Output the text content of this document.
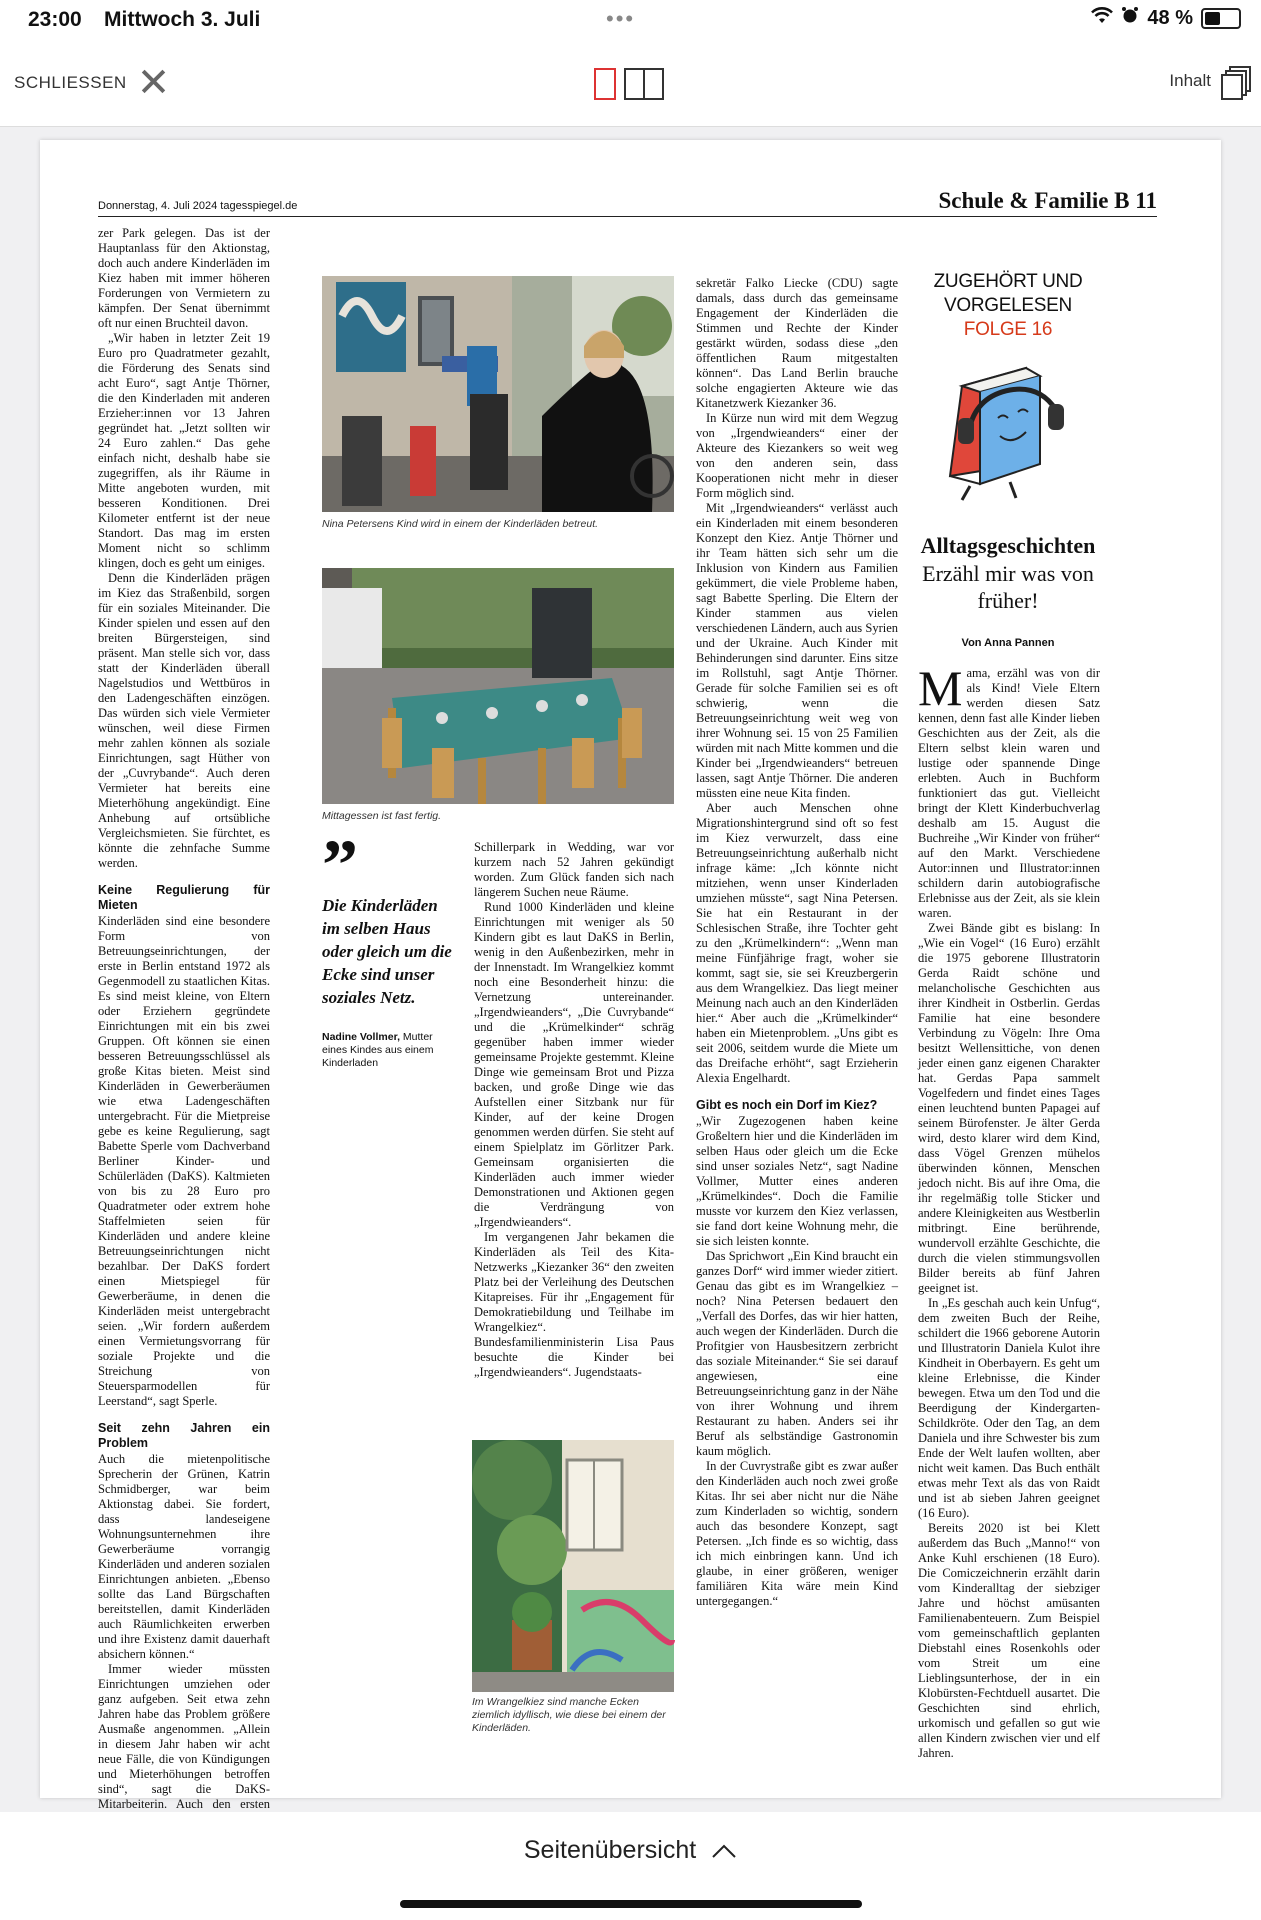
23:00 Mittwoch 3. Juli	•••	48 %
SCHLIESSEN ✕	Inhalt
Donnerstag, 4. Juli 2024 tagesspiegel.de	Schule & Familie B 11

zer Park gelegen. Das ist der Hauptanlass für den Aktionstag, doch auch andere Kinderläden im Kiez haben mit immer höheren Forderungen von Vermietern zu kämpfen. Der Senat übernimmt oft nur einen Bruchteil davon.

„Wir haben in letzter Zeit 19 Euro pro Quadratmeter gezahlt, die Förderung des Senats sind acht Euro“, sagt Antje Thörner, die den Kinderladen mit anderen Erzieher:innen vor 13 Jahren gegründet hat. „Jetzt sollten wir 24 Euro zahlen.“ Das gehe einfach nicht, deshalb habe sie zugegriffen, als ihr Räume in Mitte angeboten wurden, mit besseren Konditionen. Drei Kilometer entfernt ist der neue Standort. Das mag im ersten Moment nicht so schlimm klingen, doch es geht um einiges.

Denn die Kinderläden prägen im Kiez das Straßenbild, sorgen für ein soziales Miteinander. Die Kinder spielen und essen auf den breiten Bürgersteigen, sind präsent. Man stelle sich vor, dass statt der Kinderläden überall Nagelstudios und Wettbüros in den Ladengeschäften einzögen. Das würden sich viele Vermieter wünschen, weil diese Firmen mehr zahlen können als soziale Einrichtungen, sagt Hüther von der „Cuvrybande“. Auch deren Vermieter hat bereits eine Mieterhöhung angekündigt. Eine Anhebung auf ortsübliche Vergleichsmieten. Sie fürchtet, es könnte die zehnfache Summe werden.

Keine Regulierung für Mieten

Kinderläden sind eine besondere Form von Betreuungseinrichtungen, der erste in Berlin entstand 1972 als Gegenmodell zu staatlichen Kitas. Es sind meist kleine, von Eltern oder Erziehern gegründete Einrichtungen mit ein bis zwei Gruppen. Oft können sie einen besseren Betreuungsschlüssel als große Kitas bieten. Meist sind Kinderläden in Gewerberäumen wie etwa Ladengeschäften untergebracht. Für die Mietpreise gebe es keine Regulierung, sagt Babette Sperle vom Dachverband Berliner Kinder- und Schülerläden (DaKS). Kaltmieten von bis zu 28 Euro pro Quadratmeter oder extrem hohe Staffelmieten seien für Kinderläden und andere kleine Betreuungseinrichtungen nicht bezahlbar. Der DaKS fordert einen Mietspiegel für Gewerberäume, in denen die Kinderläden meist untergebracht seien. „Wir fordern außerdem einen Vermietungsvorrang für soziale Projekte und die Streichung von Steuersparmodellen für Leerstand“, sagt Sperle.

Seit zehn Jahren ein Problem

Auch die mietenpolitische Sprecherin der Grünen, Katrin Schmidberger, war beim Aktionstag dabei. Sie fordert, dass landeseigene Wohnungsunternehmen ihre Gewerberäume vorrangig Kinderläden und anderen sozialen Einrichtungen anbieten. „Ebenso sollte das Land Bürgschaften bereitstellen, damit Kinderläden auch Räumlichkeiten erwerben und ihre Existenz damit dauerhaft absichern können.“

Immer wieder müssten Einrichtungen umziehen oder ganz aufgeben. Seit etwa zehn Jahren habe das Problem größere Ausmaße angenommen. „Allein in diesem Jahr haben wir acht neue Fälle, die von Kündigungen und Mieterhöhungen betroffen sind“, sagt die DaKS-Mitarbeiterin. Auch den ersten

Nina Petersens Kind wird in einem der Kinderläden betreut.
Mittagessen ist fast fertig.
”
Die Kinderläden im selben Haus oder gleich um die Ecke sind unser soziales Netz.
Nadine Vollmer, Mutter eines Kindes aus einem Kinderladen

Schillerpark in Wedding, war vor kurzem nach 52 Jahren gekündigt worden. Zum Glück fanden sich nach längerem Suchen neue Räume.

Rund 1000 Kinderläden und kleine Einrichtungen mit weniger als 50 Kindern gibt es laut DaKS in Berlin, wenig in den Außenbezirken, mehr in der Innenstadt. Im Wrangelkiez kommt noch eine Besonderheit hinzu: die Vernetzung untereinander. „Irgendwieanders“, „Die Cuvrybande“ und die „Krümelkinder“ schräg gegenüber haben immer wieder gemeinsame Projekte gestemmt. Kleine Dinge wie gemeinsam Brot und Pizza backen, und große Dinge wie das Aufstellen einer Sitzbank nur für Kinder, auf der keine Drogen genommen werden dürfen. Sie steht auf einem Spielplatz im Görlitzer Park. Gemeinsam organisierten die Kinderläden auch immer wieder Demonstrationen und Aktionen gegen die Verdrängung von „Irgendwieanders“.

Im vergangenen Jahr bekamen die Kinderläden als Teil des Kita-Netzwerks „Kiezanker 36“ den zweiten Platz bei der Verleihung des Deutschen Kitapreises. Für ihr „Engagement für Demokratiebildung und Teilhabe im Wrangelkiez“. Bundesfamilienministerin Lisa Paus besuchte die Kinder bei „Irgendwieanders“. Jugendstaats-

Im Wrangelkiez sind manche Ecken ziemlich idyllisch, wie diese bei einem der Kinderläden.

sekretär Falko Liecke (CDU) sagte damals, dass durch das gemeinsame Engagement der Kinderläden die Stimmen und Rechte der Kinder gestärkt würden, sodass diese „den öffentlichen Raum mitgestalten können“. Das Land Berlin brauche solche engagierten Akteure wie das Kitanetzwerk Kiezanker 36.

In Kürze nun wird mit dem Wegzug von „Irgendwieanders“ einer der Akteure des Kiezankers so weit weg von den anderen sein, dass Kooperationen nicht mehr in dieser Form möglich sind.

Mit „Irgendwieanders“ verlässt auch ein Kinderladen mit einem besonderen Konzept den Kiez. Antje Thörner und ihr Team hätten sich sehr um die Inklusion von Kindern aus Familien gekümmert, die viele Probleme haben, sagt Babette Sperling. Die Eltern der Kinder stammen aus vielen verschiedenen Ländern, auch aus Syrien und der Ukraine. Auch Kinder mit Behinderungen sind darunter. Eins sitze im Rollstuhl, sagt Antje Thörner. Gerade für solche Familien sei es oft schwierig, wenn die Betreuungseinrichtung weit weg von ihrer Wohnung sei. 15 von 25 Familien würden mit nach Mitte kommen und die Kinder bei „Irgendwieanders“ betreuen lassen, sagt Antje Thörner. Die anderen müssten eine neue Kita finden.

Aber auch Menschen ohne Migrationshintergrund sind oft so fest im Kiez verwurzelt, dass eine Betreuungseinrichtung außerhalb nicht infrage käme: „Ich könnte nicht mitziehen, wenn unser Kinderladen umziehen müsste“, sagt Nina Petersen. Sie hat ein Restaurant in der Schlesischen Straße, ihre Tochter geht zu den „Krümelkindern“: „Wenn man meine Fünfjährige fragt, woher sie kommt, sagt sie, sie sei Kreuzbergerin aus dem Wrangelkiez. Das liegt meiner Meinung nach auch an den Kinderläden hier.“ Aber auch die „Krümelkinder“ haben ein Mietenproblem. „Uns gibt es seit 2006, seitdem wurde die Miete um das Dreifache erhöht“, sagt Erzieherin Alexia Engelhardt.

Gibt es noch ein Dorf im Kiez?

„Wir Zugezogenen haben keine Großeltern hier und die Kinderläden im selben Haus oder gleich um die Ecke sind unser soziales Netz“, sagt Nadine Vollmer, Mutter eines anderen „Krümelkindes“. Doch die Familie musste vor kurzem den Kiez verlassen, sie fand dort keine Wohnung mehr, die sie sich leisten konnte.

Das Sprichwort „Ein Kind braucht ein ganzes Dorf“ wird immer wieder zitiert. Genau das gibt es im Wrangelkiez – noch? Nina Petersen bedauert den „Verfall des Dorfes, das wir hier hatten, auch wegen der Kinderläden. Durch die Profitgier von Hausbesitzern zerbricht das soziale Miteinander.“ Sie sei darauf angewiesen, eine Betreuungseinrichtung ganz in der Nähe von ihrer Wohnung und ihrem Restaurant zu haben. Anders sei ihr Beruf als selbständige Gastronomin kaum möglich.

In der Cuvrystraße gibt es zwar außer den Kinderläden auch noch zwei große Kitas. Ihr sei aber nicht nur die Nähe zum Kinderladen so wichtig, sondern auch das besondere Konzept, sagt Petersen. „Ich finde es so wichtig, dass ich mich einbringen kann. Und ich glaube, in einer größeren, weniger familiären Kita wäre mein Kind untergegangen.“

ZUGEHÖRT UND
VORGELESEN
FOLGE 16
Alltagsgeschichten
Erzähl mir was von früher!
Von Anna Pannen

Mama, erzähl was von dir als Kind! Viele Eltern werden diesen Satz kennen, denn fast alle Kinder lieben Geschichten aus der Zeit, als die Eltern selbst klein waren und lustige oder spannende Dinge erlebten. Auch in Buchform funktioniert das gut. Vielleicht bringt der Klett Kinderbuchverlag deshalb am 15. August die Buchreihe „Wir Kinder von früher“ auf den Markt. Verschiedene Autor:innen und Illustrator:innen schildern darin autobiografische Erlebnisse aus der Zeit, als sie klein waren.

Zwei Bände gibt es bislang: In „Wie ein Vogel“ (16 Euro) erzählt die 1975 geborene Illustratorin Gerda Raidt schöne und melancholische Geschichten aus ihrer Kindheit in Ostberlin. Gerdas Familie hat eine besondere Verbindung zu Vögeln: Ihre Oma besitzt Wellensittiche, von denen jeder einen ganz eigenen Charakter hat. Gerdas Papa sammelt Vogelfedern und findet eines Tages einen leuchtend bunten Papagei auf seinem Bürofenster. Je älter Gerda wird, desto klarer wird dem Kind, dass Vögel Grenzen mühelos überwinden können, Menschen jedoch nicht. Bis auf ihre Oma, die ihr regelmäßig tolle Sticker und andere Kleinigkeiten aus Westberlin mitbringt. Eine berührende, wundervoll erzählte Geschichte, die durch die vielen stimmungsvollen Bilder bereits ab fünf Jahren geeignet ist.

In „Es geschah auch kein Unfug“, dem zweiten Buch der Reihe, schildert die 1966 geborene Autorin und Illustratorin Daniela Kulot ihre Kindheit in Oberbayern. Es geht um kleine Erlebnisse, die Kinder bewegen. Etwa um den Tod und die Beerdigung der Kindergarten-Schildkröte. Oder den Tag, an dem Daniela und ihre Schwester bis zum Ende der Welt laufen wollten, aber nicht weit kamen. Das Buch enthält etwas mehr Text als das von Raidt und ist ab sieben Jahren geeignet (16 Euro).

Bereits 2020 ist bei Klett außerdem das Buch „Manno!“ von Anke Kuhl erschienen (18 Euro). Die Comiczeichnerin erzählt darin vom Kinderalltag der siebziger Jahre und höchst amüsanten Familienabenteuern. Zum Beispiel vom gemeinschaftlich geplanten Diebstahl eines Rosenkohls oder vom Streit um eine Lieblingsunterhose, der in ein Klobürsten-Fechtduell ausartet. Die Geschichten sind ehrlich, urkomisch und gefallen so gut wie allen Kindern zwischen vier und elf Jahren.

Seitenübersicht
